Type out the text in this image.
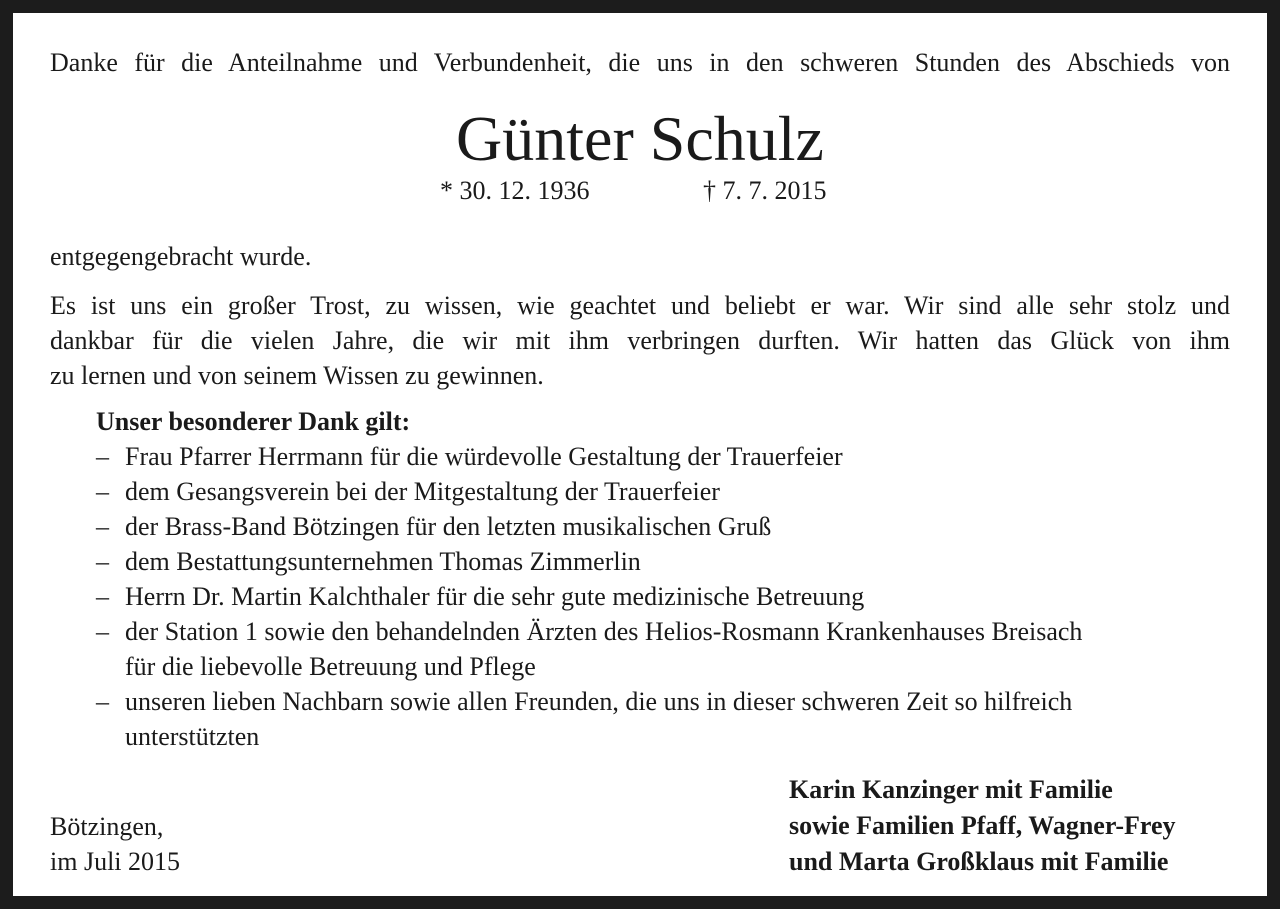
Danke für die Anteilnahme und Verbundenheit, die uns in den schweren Stunden des Abschieds von
Günter Schulz
* 30. 12. 1936	† 7. 7. 2015
entgegengebracht wurde.
Es ist uns ein großer Trost, zu wissen, wie geachtet und beliebt er war. Wir sind alle sehr stolz und
dankbar für die vielen Jahre, die wir mit ihm verbringen durften. Wir hatten das Glück von ihm
zu lernen und von seinem Wissen zu gewinnen.
Unser besonderer Dank gilt:
– Frau Pfarrer Herrmann für die würdevolle Gestaltung der Trauerfeier
– dem Gesangsverein bei der Mitgestaltung der Trauerfeier
– der Brass-Band Bötzingen für den letzten musikalischen Gruß
– dem Bestattungsunternehmen Thomas Zimmerlin
– Herrn Dr. Martin Kalchthaler für die sehr gute medizinische Betreuung
– der Station 1 sowie den behandelnden Ärzten des Helios-Rosmann Krankenhauses Breisach
für die liebevolle Betreuung und Pflege
– unseren lieben Nachbarn sowie allen Freunden, die uns in dieser schweren Zeit so hilfreich
unterstützten
Bötzingen,
im Juli 2015
Karin Kanzinger mit Familie
sowie Familien Pfaff, Wagner-Frey
und Marta Großklaus mit Familie
